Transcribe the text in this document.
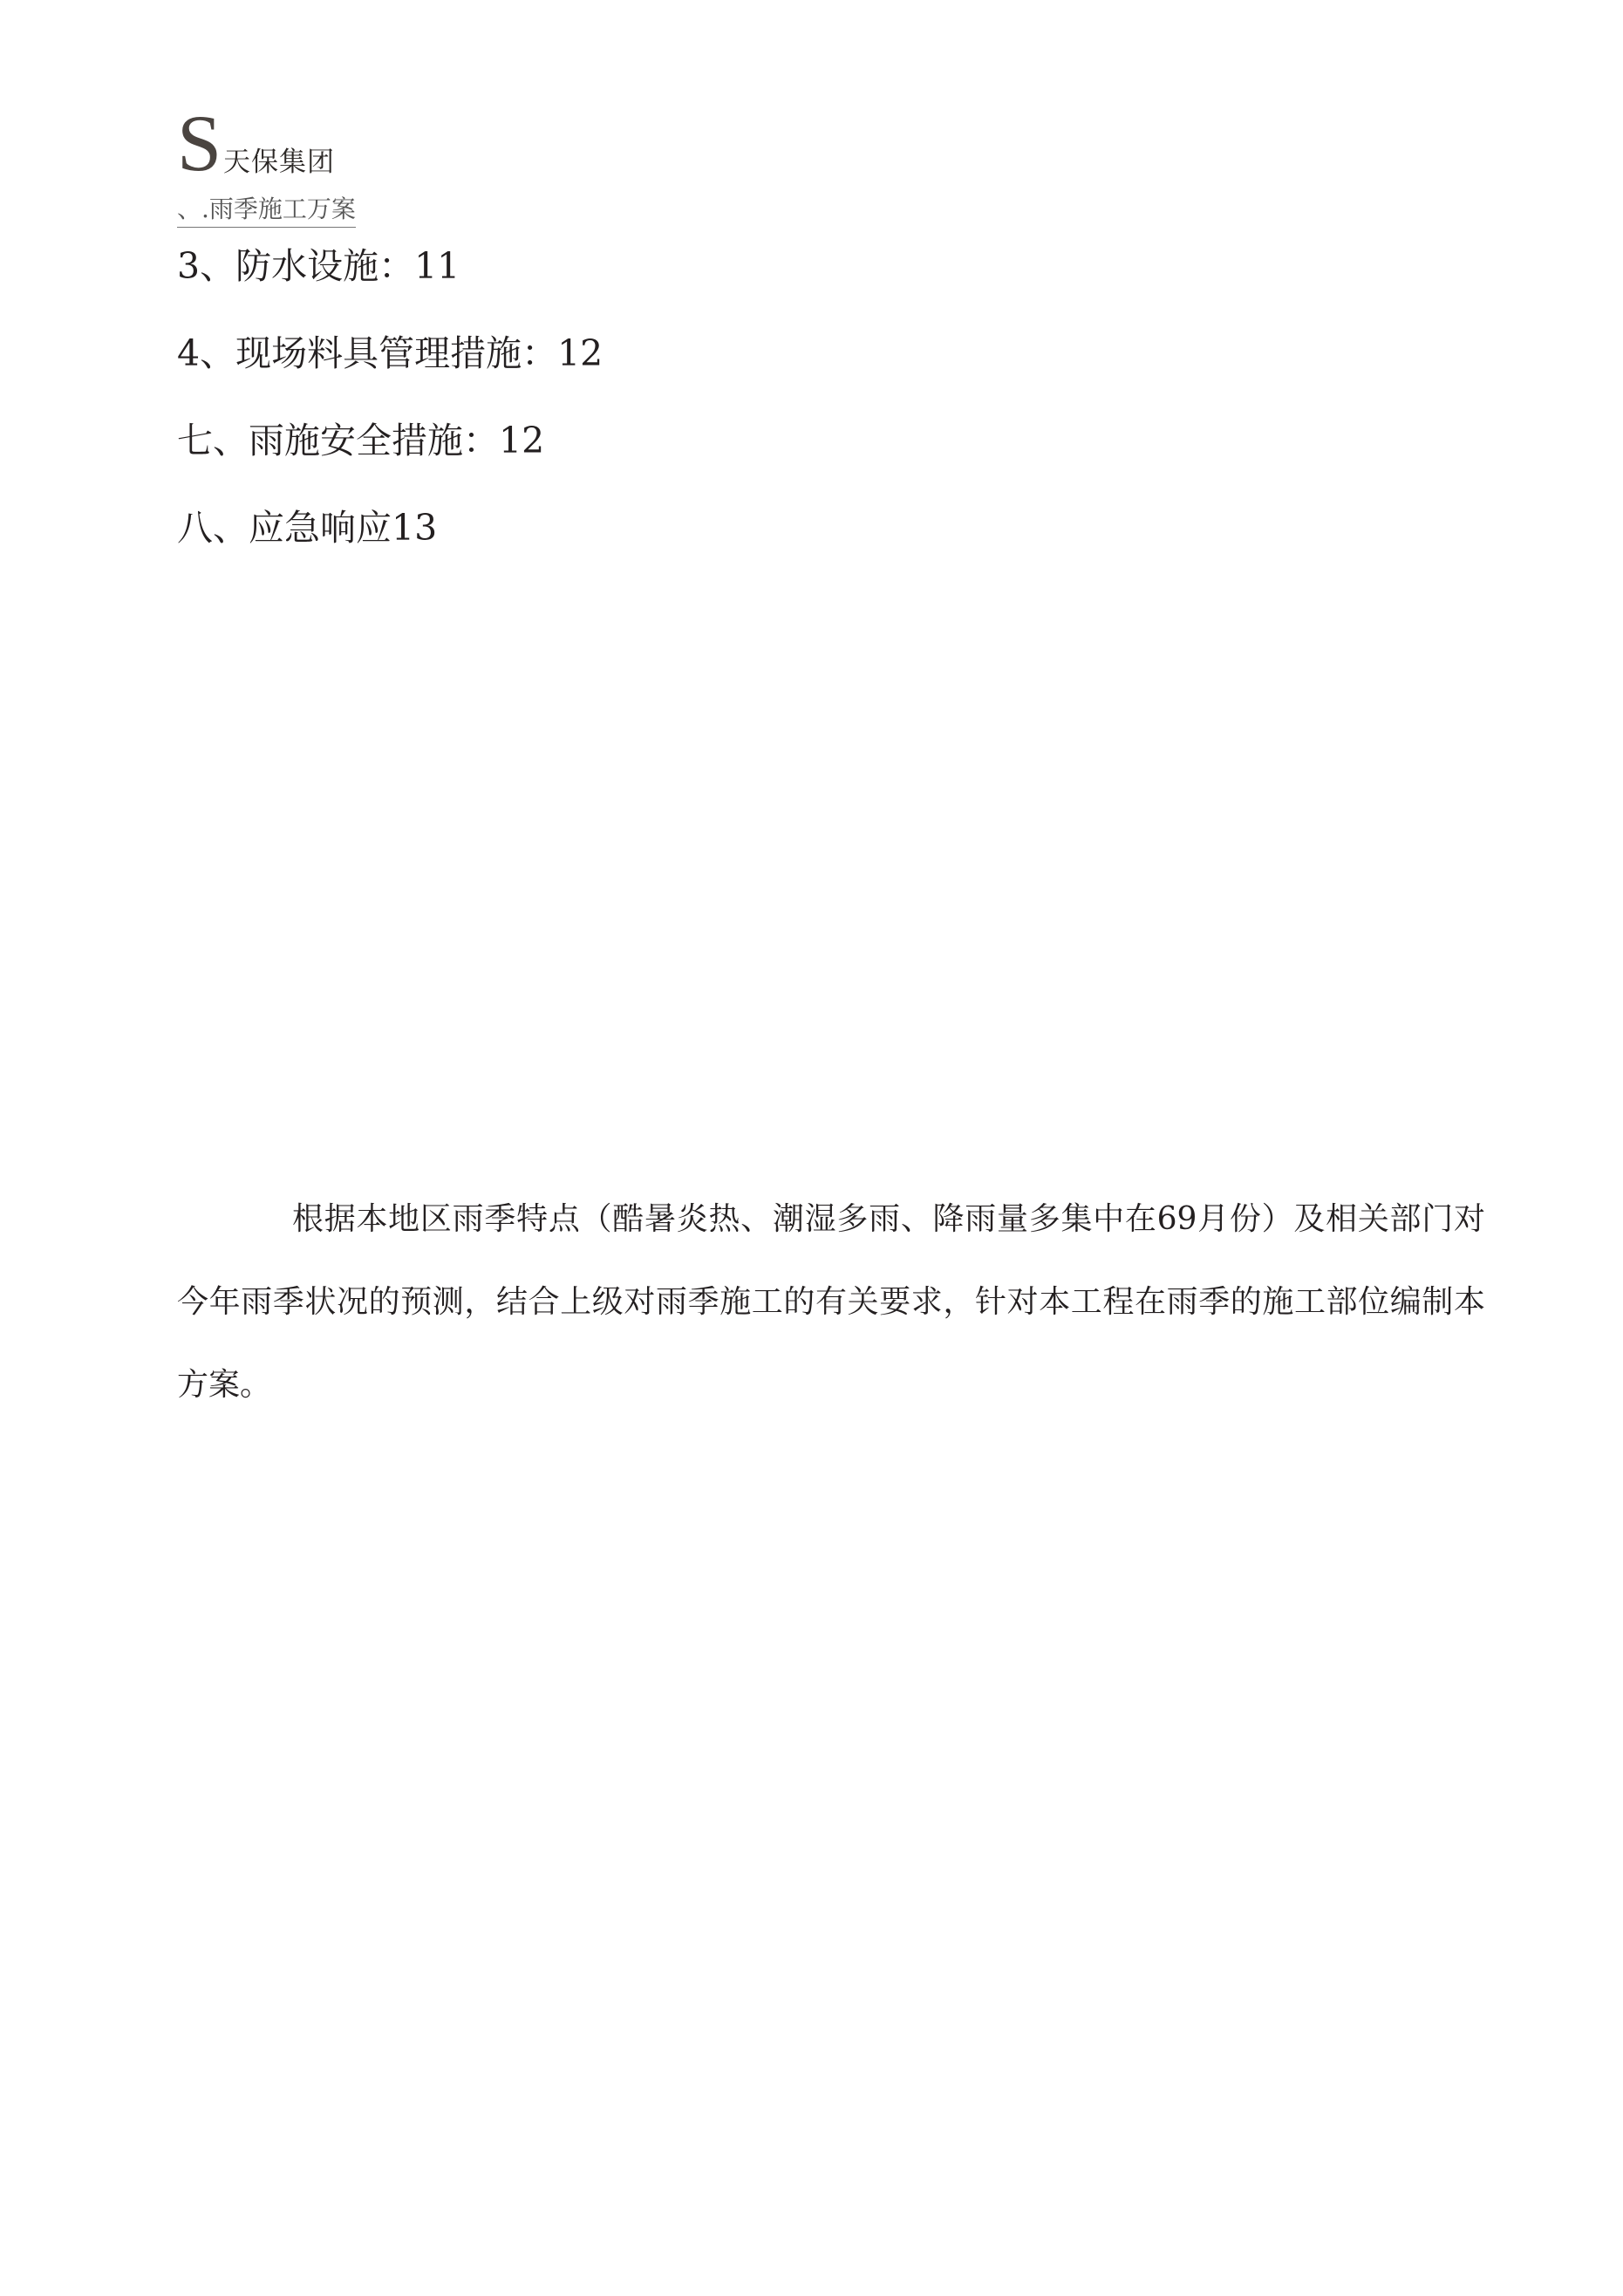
S 天保集团
、.雨季施工万案
3、防水设施：11
4、现场料具管理措施：12
七、雨施安全措施：12
八、应急响应13

根据本地区雨季特点（酷暑炎热、潮湿多雨、降雨量多集中在69月份）及相关部门对今年雨季状况的预测，结合上级对雨季施工的有关要求，针对本工程在雨季的施工部位编制本方案。
